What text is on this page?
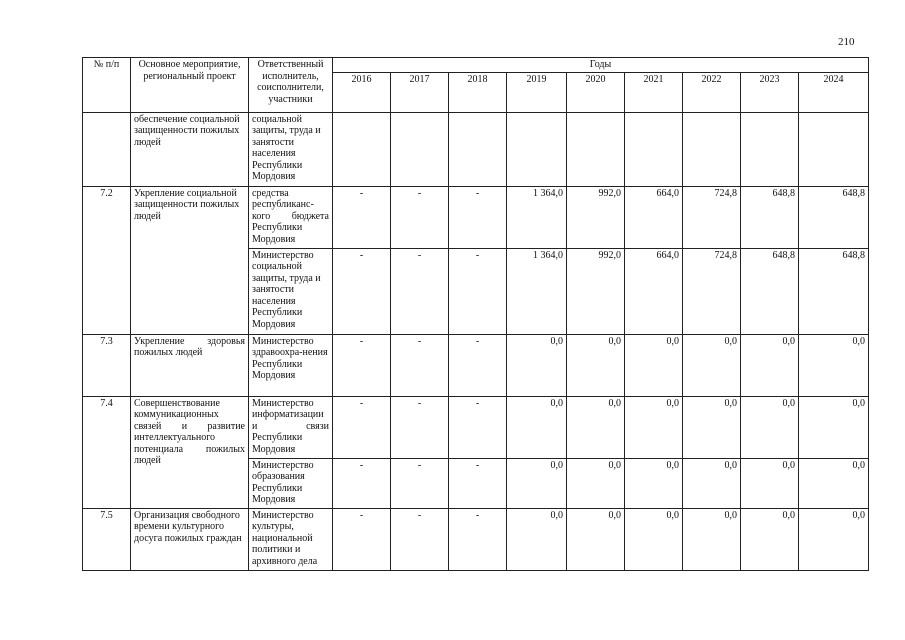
210
№ п/п	Основное мероприятие, региональный проект	Ответственный исполнитель, соисполнители, участники	Годы								
			2016	2017	2018	2019	2020	2021	2022	2023	2024
	обеспечение социальной защищенности пожилых людей	социальной защиты, труда и занятости населения Республики Мордовия									
7.2	Укрепление социальной защищенности пожилых людей	средства республиканс-кого бюджета Республики Мордовия	-	-	-	1 364,0	992,0	664,0	724,8	648,8	648,8
		Министерство социальной защиты, труда и занятости населения Республики Мордовия	-	-	-	1 364,0	992,0	664,0	724,8	648,8	648,8
7.3	Укрепление здоровья пожилых людей	Министерство здравоохра-нения Республики Мордовия	-	-	-	0,0	0,0	0,0	0,0	0,0	0,0
7.4	Совершенствование коммуникационных связей и развитие интеллектуального потенциала пожилых людей	Министерство информатизации и связи Республики Мордовия	-	-	-	0,0	0,0	0,0	0,0	0,0	0,0
		Министерство образования Республики Мордовия	-	-	-	0,0	0,0	0,0	0,0	0,0	0,0
7.5	Организация свободного времени культурного досуга пожилых граждан	Министерство культуры, национальной политики и архивного дела	-	-	-	0,0	0,0	0,0	0,0	0,0	0,0
